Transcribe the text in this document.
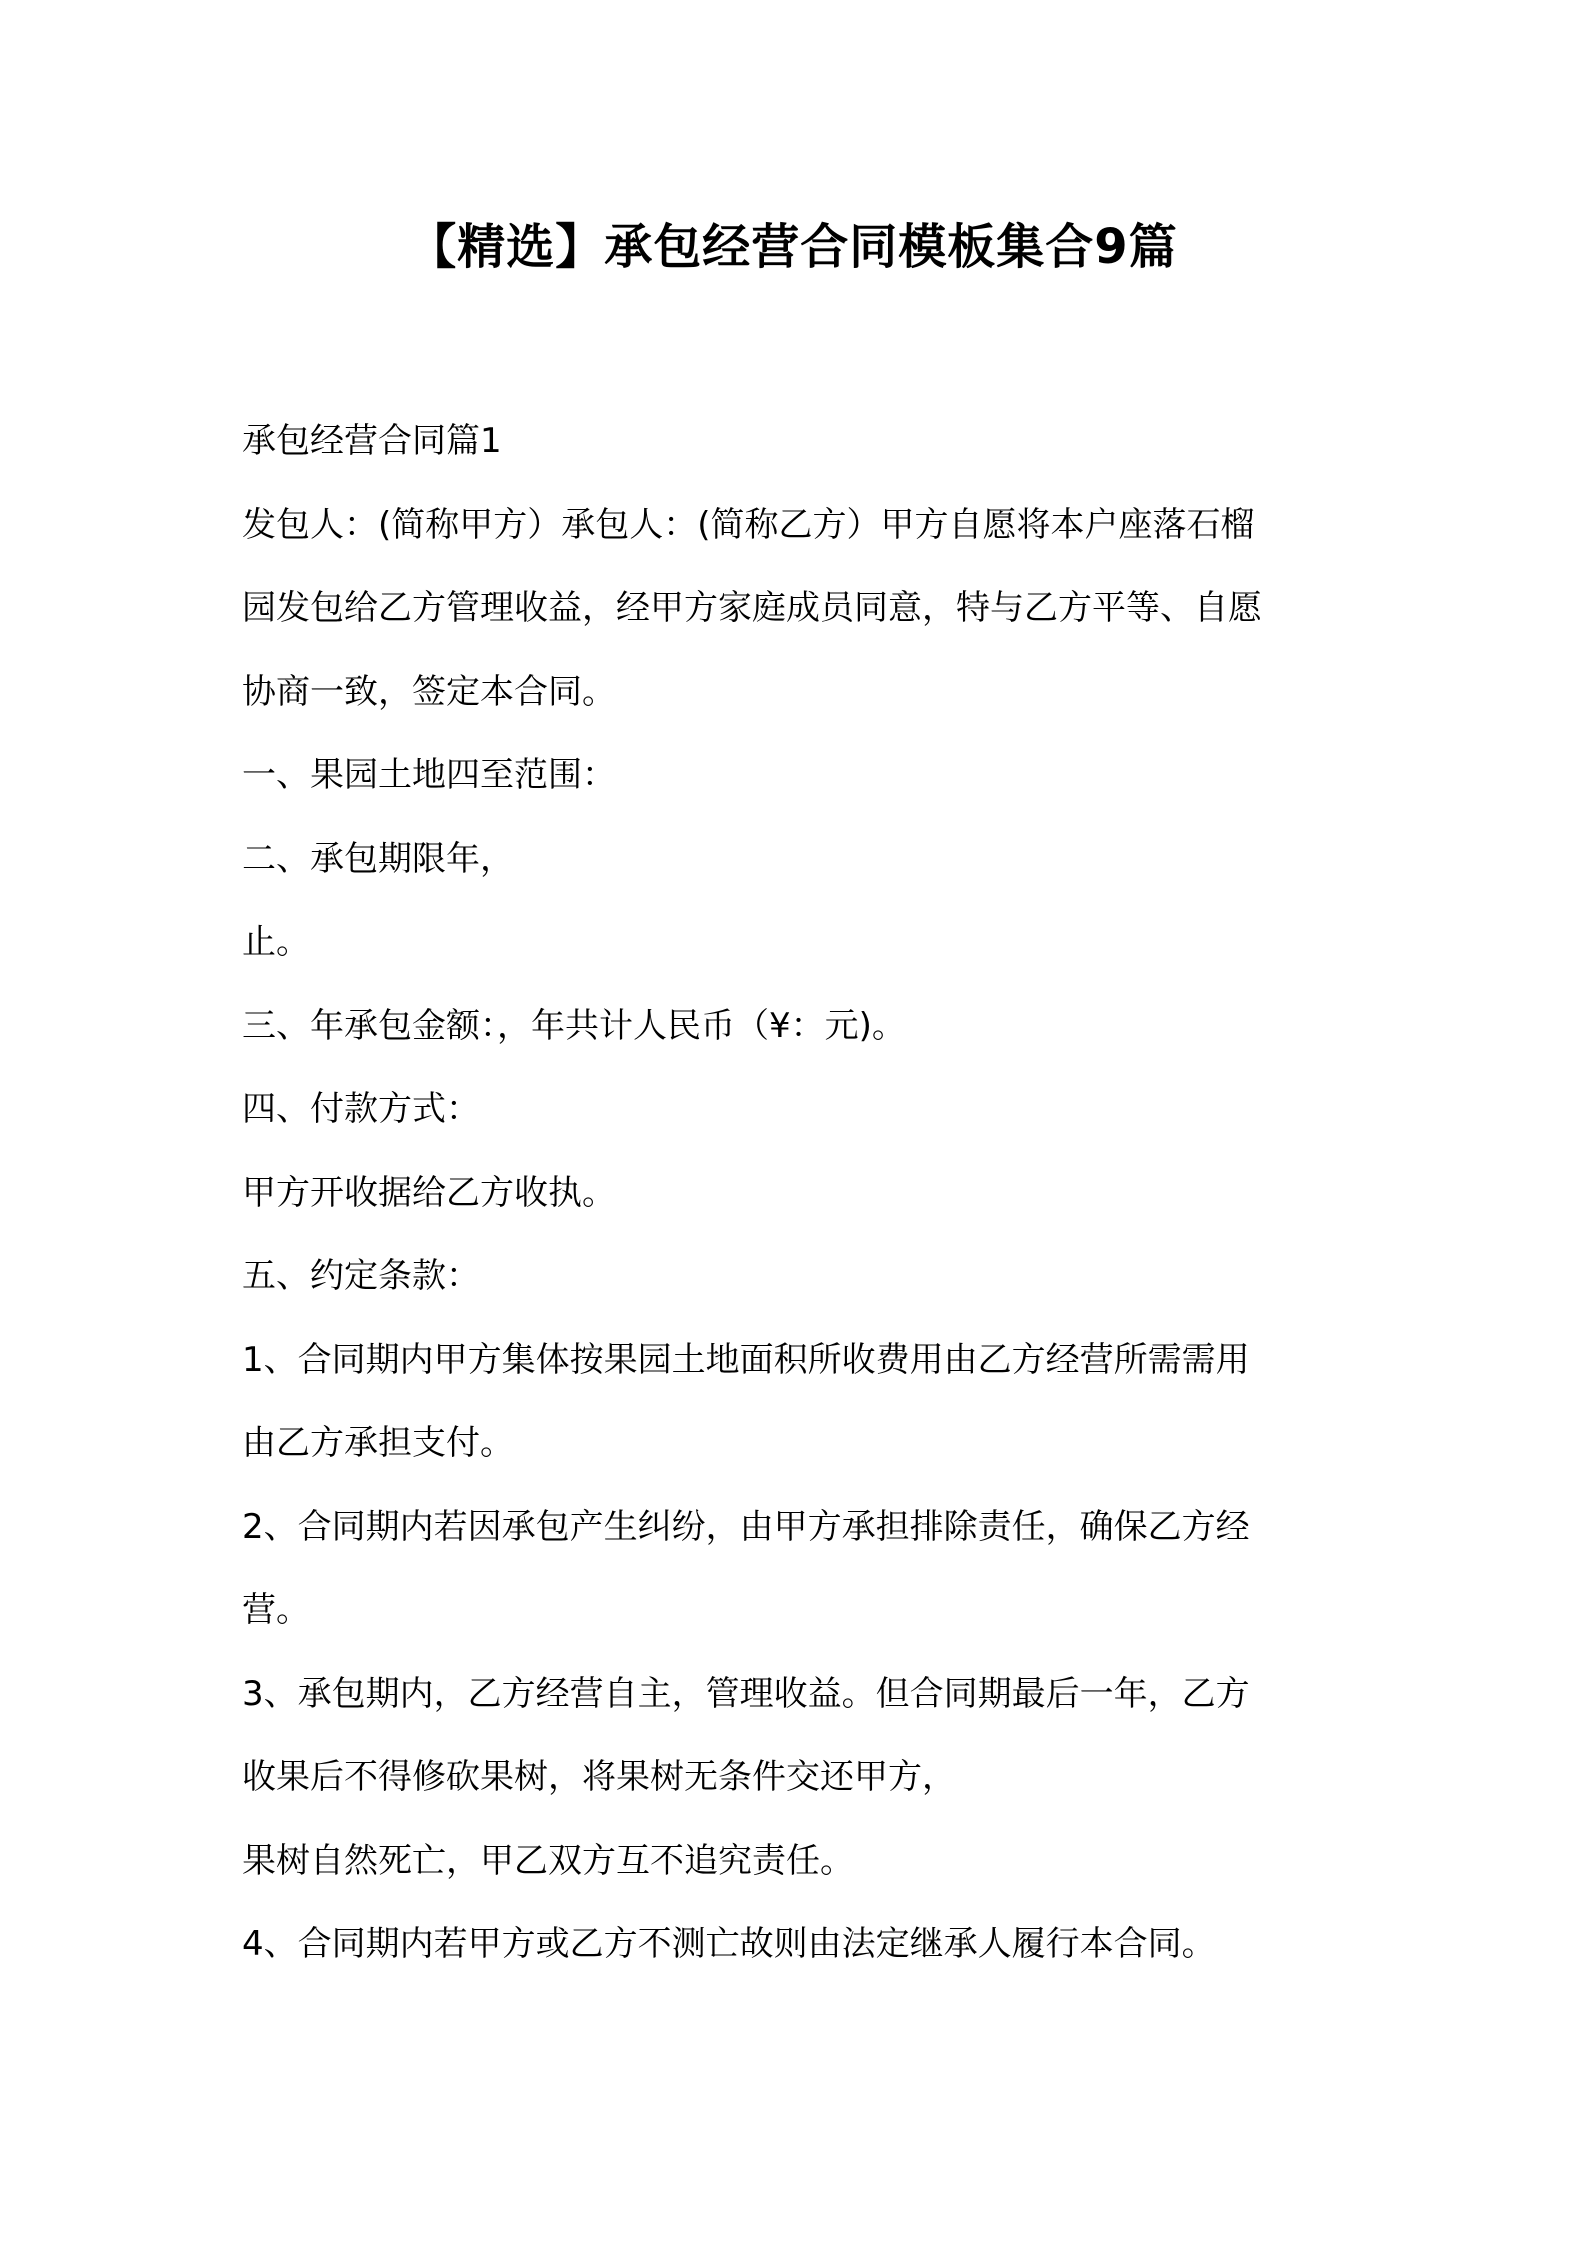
【精选】承包经营合同模板集合9篇
承包经营合同篇1
发包人：(简称甲方）承包人：(简称乙方）甲方自愿将本户座落石榴
园发包给乙方管理收益，经甲方家庭成员同意，特与乙方平等、自愿
协商一致，签定本合同。
一、果园土地四至范围：
二、承包期限年，
止。
三、年承包金额：，年共计人民币（¥：元)。
四、付款方式：
甲方开收据给乙方收执。
五、约定条款：
1、合同期内甲方集体按果园土地面积所收费用由乙方经营所需需用
由乙方承担支付。
2、合同期内若因承包产生纠纷，由甲方承担排除责任，确保乙方经
营。
3、承包期内，乙方经营自主，管理收益。但合同期最后一年，乙方
收果后不得修砍果树，将果树无条件交还甲方，
果树自然死亡，甲乙双方互不追究责任。
4、合同期内若甲方或乙方不测亡故则由法定继承人履行本合同。
